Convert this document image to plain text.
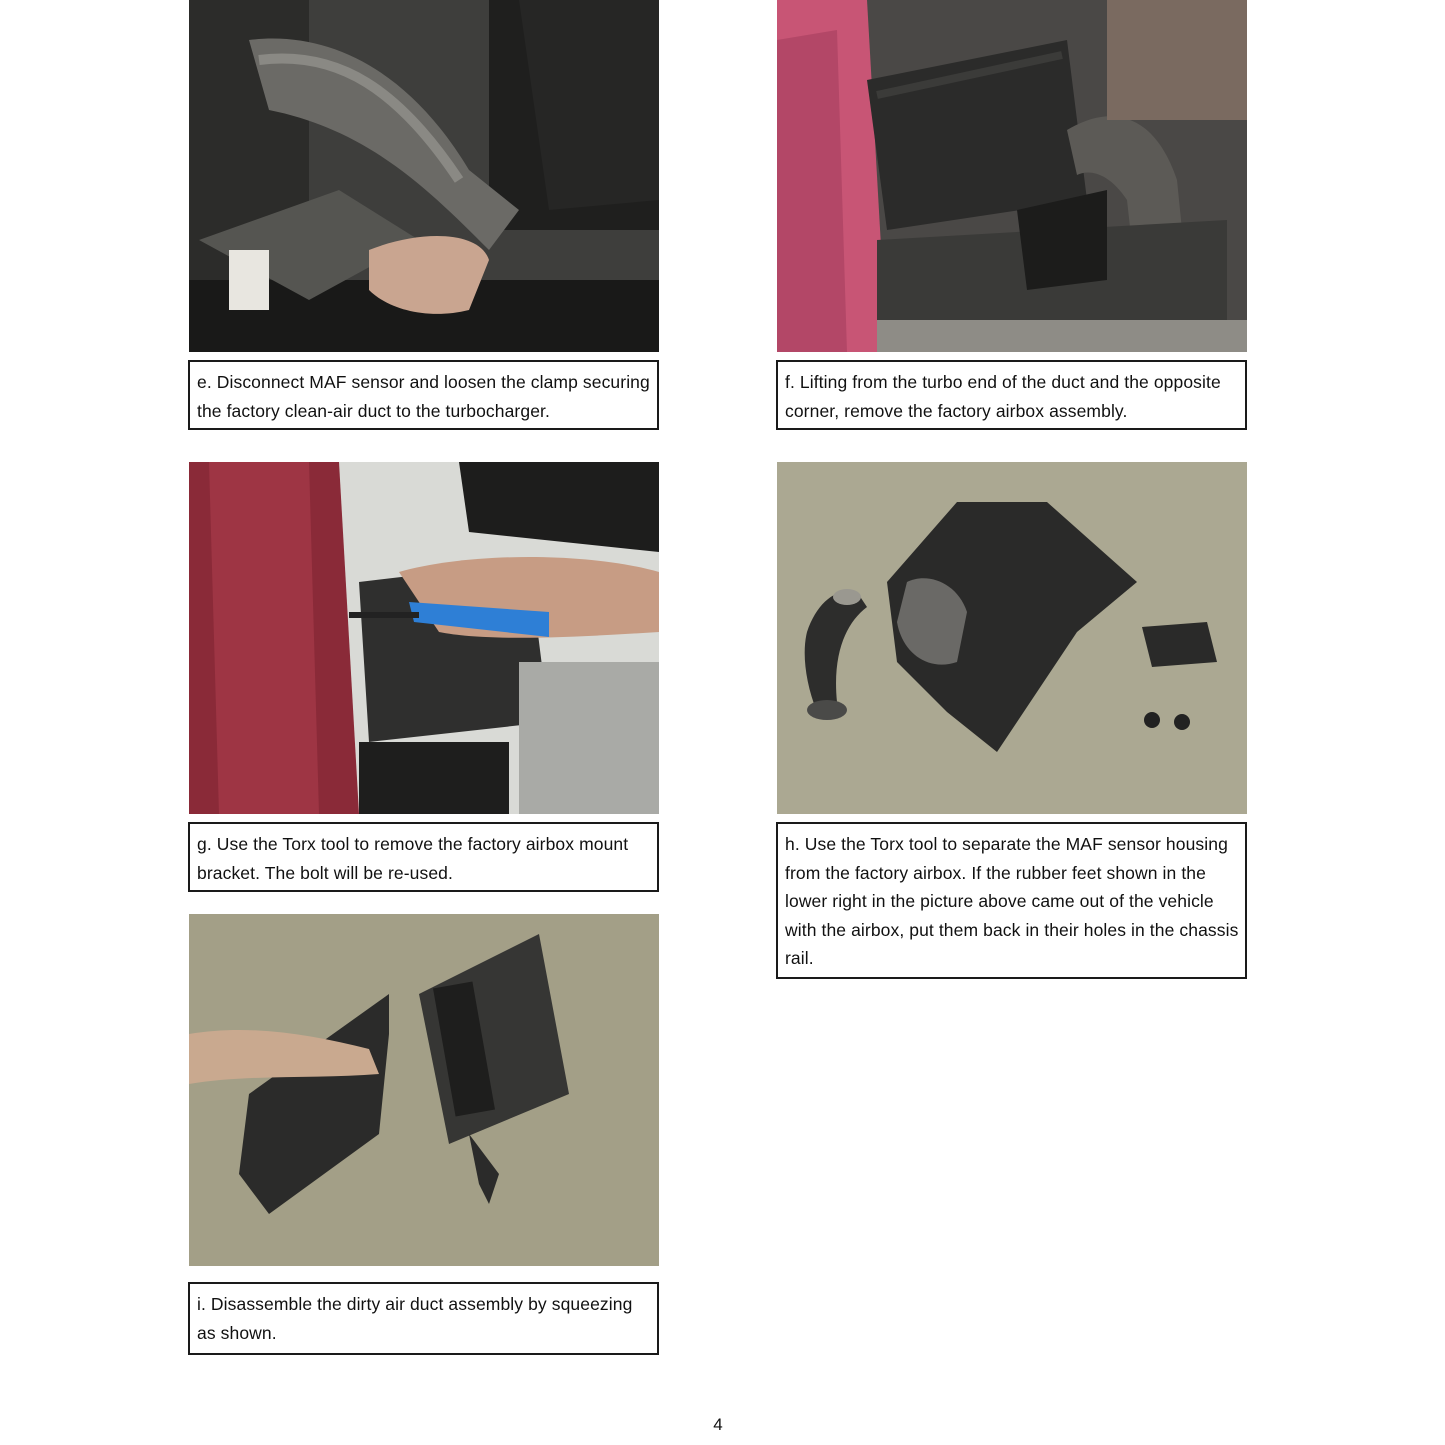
e. Disconnect MAF sensor and loosen the clamp securing the factory clean-air duct to the turbocharger.
f. Lifting from the turbo end of the duct and the opposite corner, remove the factory airbox assembly.
g. Use the Torx tool to remove the factory airbox mount bracket. The bolt will be re-used.
h. Use the Torx tool to separate the MAF sensor housing from the factory airbox. If the rubber feet shown in the lower right in the picture above came out of the vehicle with the airbox, put them back in their holes in the chassis rail.
i. Disassemble the dirty air duct assembly by squeezing as shown.
4
